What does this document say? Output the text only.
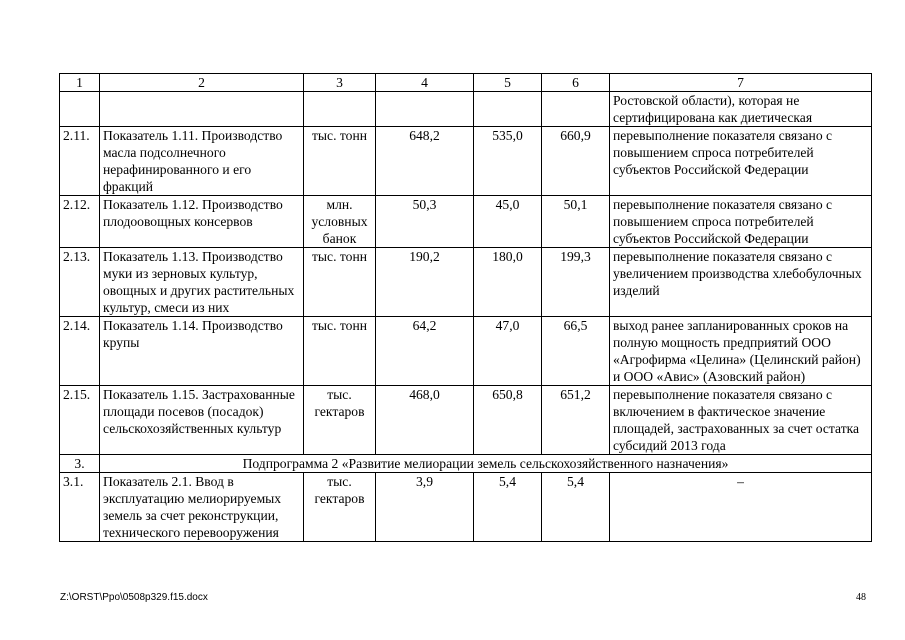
1	2	3	4	5	6	7
						Ростовской области), которая не сертифицирована как диетическая
2.11.	Показатель 1.11. Производство масла подсолнечного нерафинированного и его фракций	тыс. тонн	648,2	535,0	660,9	перевыполнение показателя связано с повышением спроса потребителей субъектов Российской Федерации
2.12.	Показатель 1.12. Производство плодоовощных консервов	млн. условных банок	50,3	45,0	50,1	перевыполнение показателя связано с повышением спроса потребителей субъектов Российской Федерации
2.13.	Показатель 1.13. Производство муки из зерновых культур, овощных и других растительных культур, смеси из них	тыс. тонн	190,2	180,0	199,3	перевыполнение показателя связано с увеличением производства хлебобулочных изделий
2.14.	Показатель 1.14. Производство крупы	тыс. тонн	64,2	47,0	66,5	выход ранее запланированных сроков на полную мощность предприятий ООО «Агрофирма «Целина» (Целинский район) и ООО «Авис» (Азовский район)
2.15.	Показатель 1.15. Застрахованные площади посевов (посадок) сельскохозяйственных культур	тыс. гектаров	468,0	650,8	651,2	перевыполнение показателя связано с включением в фактическое значение площадей, застрахованных за счет остатка субсидий 2013 года
3.	Подпрограмма 2 «Развитие мелиорации земель сельскохозяйственного назначения»					
3.1.	Показатель 2.1. Ввод в эксплуатацию мелиорируемых земель за счет реконструкции, технического перевооружения	тыс. гектаров	3,9	5,4	5,4	–
Z:\ORST\Ppo\0508p329.f15.docx	48
